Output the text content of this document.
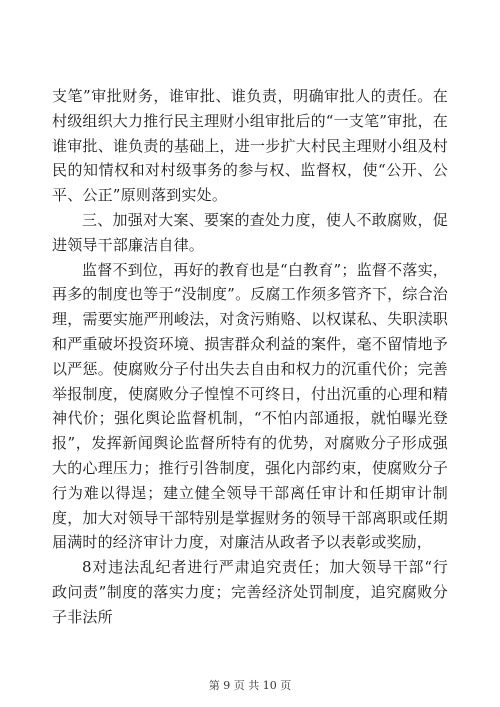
支笔”审批财务，谁审批、谁负责，明确审批人的责任。在村级组织大力推行民主理财小组审批后的“一支笔”审批，在谁审批、谁负责的基础上，进一步扩大村民主理财小组及村民的知情权和对村级事务的参与权、监督权，使“公开、公平、公正”原则落到实处。

三、加强对大案、要案的查处力度，使人不敢腐败，促进领导干部廉洁自律。

监督不到位，再好的教育也是“白教育”；监督不落实，再多的制度也等于“没制度”。反腐工作须多管齐下，综合治理，需要实施严刑峻法，对贪污贿赂、以权谋私、失职渎职和严重破坏投资环境、损害群众利益的案件，毫不留情地予以严惩。使腐败分子付出失去自由和权力的沉重代价；完善举报制度，使腐败分子惶惶不可终日，付出沉重的心理和精神代价；强化舆论监督机制，“不怕内部通报，就怕曝光登报”，发挥新闻舆论监督所特有的优势，对腐败分子形成强大的心理压力；推行引咎制度，强化内部约束，使腐败分子行为难以得逞；建立健全领导干部离任审计和任期审计制度，加大对领导干部特别是掌握财务的领导干部离职或任期届满时的经济审计力度，对廉洁从政者予以表彰或奖励，

8对违法乱纪者进行严肃追究责任；加大领导干部“行政问责”制度的落实力度；完善经济处罚制度，追究腐败分子非法所

第 9 页 共 10 页
